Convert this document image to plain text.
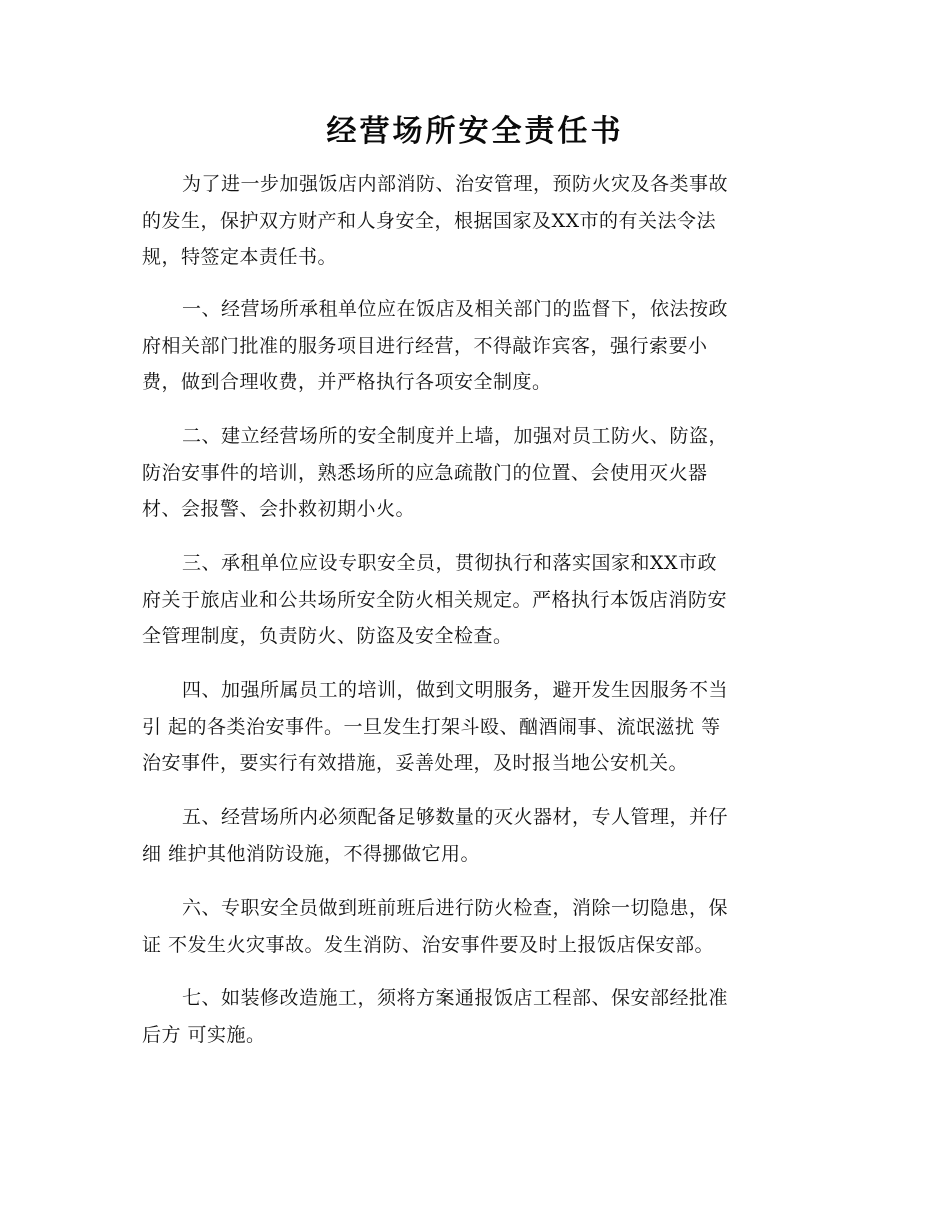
经营场所安全责任书

为了进一步加强饭店内部消防、治安管理，预防火灾及各类事故
的发生，保护双方财产和人身安全，根据国家及XX市的有关法令法
规，特签定本责任书。

一、经营场所承租单位应在饭店及相关部门的监督下，依法按政
府相关部门批准的服务项目进行经营，不得敲诈宾客，强行索要小
费，做到合理收费，并严格执行各项安全制度。

二、建立经营场所的安全制度并上墙，加强对员工防火、防盗，
防治安事件的培训，熟悉场所的应急疏散门的位置、会使用灭火器
材、会报警、会扑救初期小火。

三、承租单位应设专职安全员，贯彻执行和落实国家和XX市政
府关于旅店业和公共场所安全防火相关规定。严格执行本饭店消防安
全管理制度，负责防火、防盗及安全检查。

四、加强所属员工的培训，做到文明服务，避开发生因服务不当
引 起的各类治安事件。一旦发生打架斗殴、酗酒闹事、流氓滋扰 等
治安事件，要实行有效措施，妥善处理，及时报当地公安机关。

五、经营场所内必须配备足够数量的灭火器材，专人管理，并仔
细 维护其他消防设施，不得挪做它用。

六、专职安全员做到班前班后进行防火检查，消除一切隐患，保
证 不发生火灾事故。发生消防、治安事件要及时上报饭店保安部。

七、如装修改造施工，须将方案通报饭店工程部、保安部经批准
后方 可实施。
